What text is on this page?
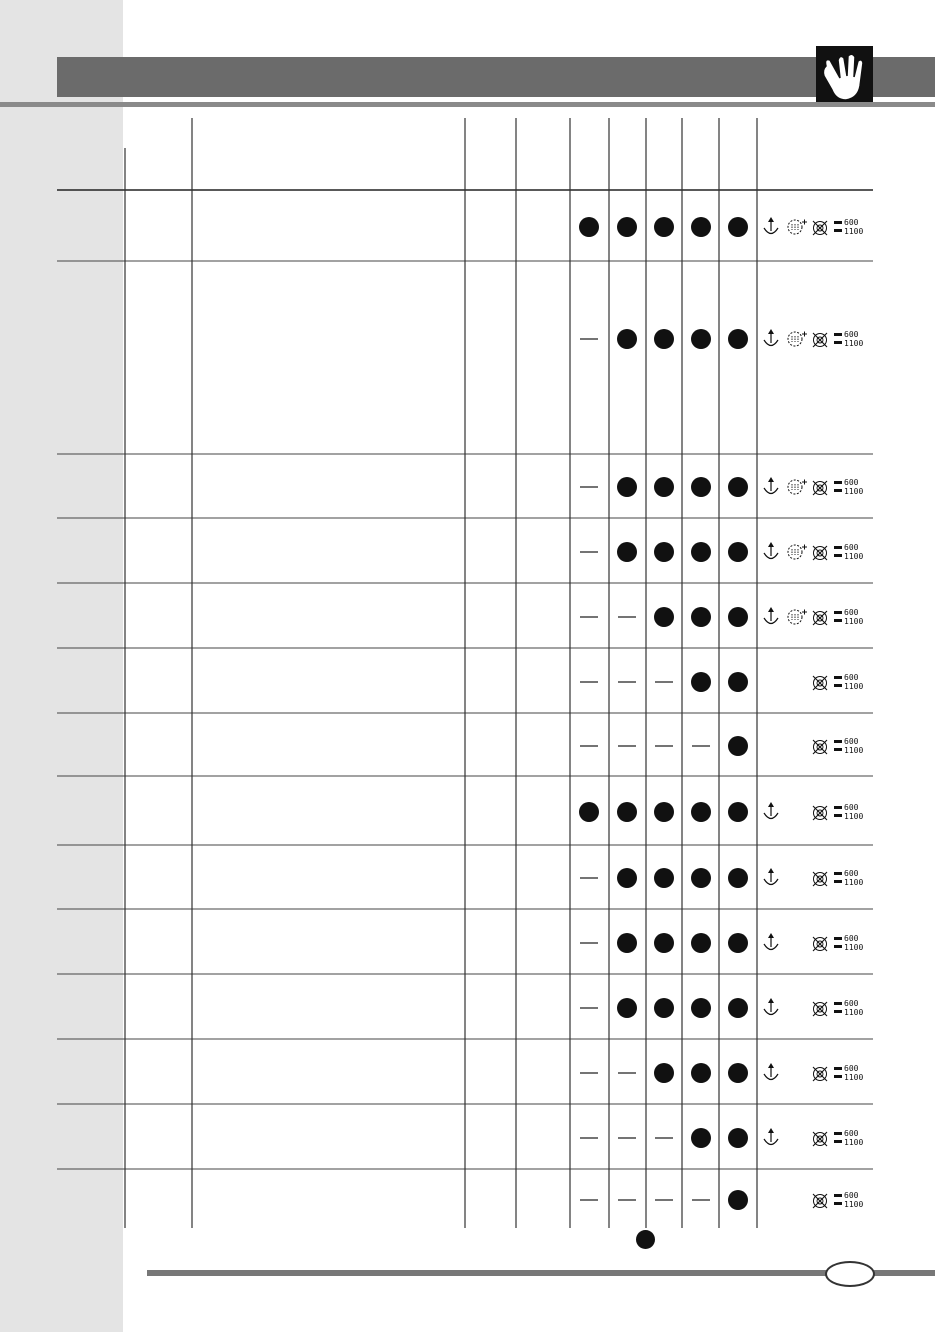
600
1100
600
1100
600
1100
600
1100
600
1100
600
1100
600
1100
600
1100
600
1100
600
1100
600
1100
600
1100
600
1100
600
1100
